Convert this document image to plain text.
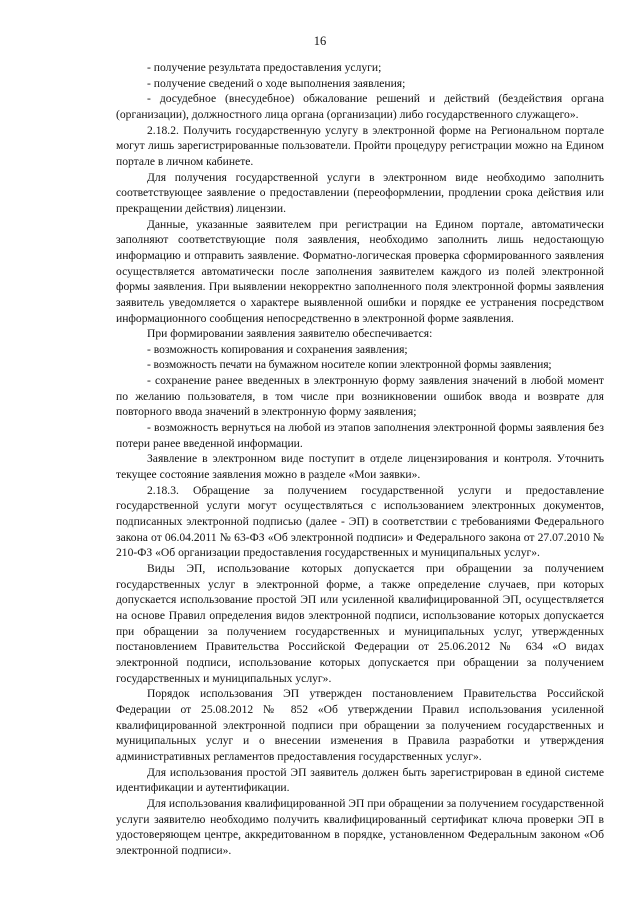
16

- получение результата предоставления услуги;

- получение сведений о ходе выполнения заявления;

- досудебное (внесудебное) обжалование решений и действий (бездействия органа (организации), должностного лица органа (организации) либо государственного служащего».

2.18.2. Получить государственную услугу в электронной форме на Региональном портале могут лишь зарегистрированные пользователи. Пройти процедуру регистрации можно на Едином портале в личном кабинете.

Для получения государственной услуги в электронном виде необходимо заполнить соответствующее заявление о предоставлении (переоформлении, продлении срока действия или прекращении действия) лицензии.

Данные, указанные заявителем при регистрации на Едином портале, автоматически заполняют соответствующие поля заявления, необходимо заполнить лишь недостающую информацию и отправить заявление. Форматно-логическая проверка сформированного заявления осуществляется автоматически после заполнения заявителем каждого из полей электронной формы заявления. При выявлении некорректно заполненного поля электронной формы заявления заявитель уведомляется о характере выявленной ошибки и порядке ее устранения посредством информационного сообщения непосредственно в электронной форме заявления.

При формировании заявления заявителю обеспечивается:

- возможность копирования и сохранения заявления;

- возможность печати на бумажном носителе копии электронной формы заявления;

- сохранение ранее введенных в электронную форму заявления значений в любой момент по желанию пользователя, в том числе при возникновении ошибок ввода и возврате для повторного ввода значений в электронную форму заявления;

- возможность вернуться на любой из этапов заполнения электронной формы заявления без потери ранее введенной информации.

Заявление в электронном виде поступит в отделе лицензирования и контроля. Уточнить текущее состояние заявления можно в разделе «Мои заявки».

2.18.3. Обращение за получением государственной услуги и предоставление государственной услуги могут осуществляться с использованием электронных документов, подписанных электронной подписью (далее - ЭП) в соответствии с требованиями Федерального закона от 06.04.2011 № 63-ФЗ «Об электронной подписи» и Федерального закона от 27.07.2010 № 210-ФЗ «Об организации предоставления государственных и муниципальных услуг».

Виды ЭП, использование которых допускается при обращении за получением государственных услуг в электронной форме, а также определение случаев, при которых допускается использование простой ЭП или усиленной квалифицированной ЭП, осуществляется на основе Правил определения видов электронной подписи, использование которых допускается при обращении за получением государственных и муниципальных услуг, утвержденных постановлением Правительства Российской Федерации от 25.06.2012 № 634 «О видах электронной подписи, использование которых допускается при обращении за получением государственных и муниципальных услуг».

Порядок использования ЭП утвержден постановлением Правительства Российской Федерации от 25.08.2012 № 852 «Об утверждении Правил использования усиленной квалифицированной электронной подписи при обращении за получением государственных и муниципальных услуг и о внесении изменения в Правила разработки и утверждения административных регламентов предоставления государственных услуг».

Для использования простой ЭП заявитель должен быть зарегистрирован в единой системе идентификации и аутентификации.

Для использования квалифицированной ЭП при обращении за получением государственной услуги заявителю необходимо получить квалифицированный сертификат ключа проверки ЭП в удостоверяющем центре, аккредитованном в порядке, установленном Федеральным законом «Об электронной подписи».
